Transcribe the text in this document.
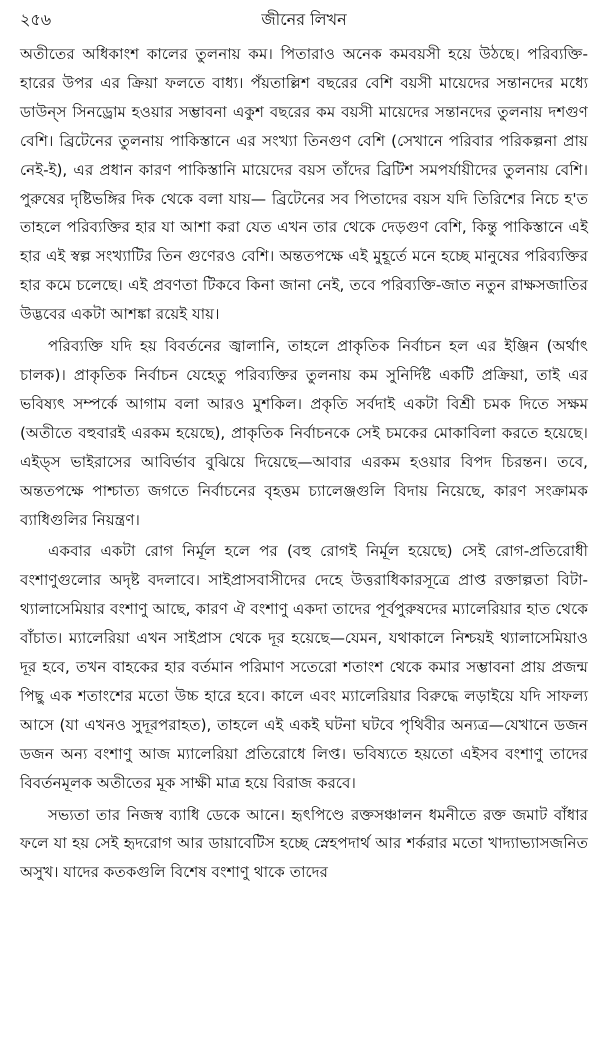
২৫৬	জীনের লিখন

অতীতের অধিকাংশ কালের তুলনায় কম। পিতারাও অনেক কমবয়সী হয়ে উঠছে। পরিব্যক্তি-হারের উপর এর ক্রিয়া ফলতে বাধ্য। পঁয়তাল্লিশ বছরের বেশি বয়সী মায়েদের সন্তানদের মধ্যে ডাউন্‌স সিনড্রোম হওয়ার সম্ভাবনা একুশ বছরের কম বয়সী মায়েদের সন্তানদের তুলনায় দশগুণ বেশি। ব্রিটেনের তুলনায় পাকিস্তানে এর সংখ্যা তিনগুণ বেশি (সেখানে পরিবার পরিকল্পনা প্রায় নেই-ই), এর প্রধান কারণ পাকিস্তানি মায়েদের বয়স তাঁদের ব্রিটিশ সমপর্যায়ীদের তুলনায় বেশি। পুরুষের দৃষ্টিভঙ্গির দিক থেকে বলা যায়— ব্রিটেনের সব পিতাদের বয়স যদি তিরিশের নিচে হ'ত তাহলে পরিব্যক্তির হার যা আশা করা যেত এখন তার থেকে দেড়গুণ বেশি, কিন্তু পাকিস্তানে এই হার এই স্বল্প সংখ্যাটির তিন গুণেরও বেশি। অন্ততপক্ষে এই মুহূর্তে মনে হচ্ছে মানুষের পরিব্যক্তির হার কমে চলেছে। এই প্রবণতা টিকবে কিনা জানা নেই, তবে পরিব্যক্তি-জাত নতুন রাক্ষসজাতির উদ্ভবের একটা আশঙ্কা রয়েই যায়।

পরিব্যক্তি যদি হয় বিবর্তনের জ্বালানি, তাহলে প্রাকৃতিক নির্বাচন হল এর ইঞ্জিন (অর্থাৎ চালক)। প্রাকৃতিক নির্বাচন যেহেতু পরিব্যক্তির তুলনায় কম সুনির্দিষ্ট একটি প্রক্রিয়া, তাই এর ভবিষ্যৎ সম্পর্কে আগাম বলা আরও মুশকিল। প্রকৃতি সর্বদাই একটা বিশ্রী চমক দিতে সক্ষম (অতীতে বহুবারই এরকম হয়েছে), প্রাকৃতিক নির্বাচনকে সেই চমকের মোকাবিলা করতে হয়েছে। এইড্‌স ভাইরাসের আবির্ভাব বুঝিয়ে দিয়েছে—আবার এরকম হওয়ার বিপদ চিরন্তন। তবে, অন্ততপক্ষে পাশ্চাত্য জগতে নির্বাচনের বৃহত্তম চ্যালেঞ্জগুলি বিদায় নিয়েছে, কারণ সংক্রামক ব্যাধিগুলির নিয়ন্ত্রণ।

একবার একটা রোগ নির্মূল হলে পর (বহু রোগই নির্মূল হয়েছে) সেই রোগ-প্রতিরোধী বংশাণুগুলোর অদৃষ্ট বদলাবে। সাইপ্রাসবাসীদের দেহে উত্তরাধিকারসূত্রে প্রাপ্ত রক্তাল্পতা বিটা-থ্যালাসেমিয়ার বংশাণু আছে, কারণ ঐ বংশাণু একদা তাদের পূর্বপুরুষদের ম্যালেরিয়ার হাত থেকে বাঁচাত। ম্যালেরিয়া এখন সাইপ্রাস থেকে দূর হয়েছে—যেমন, যথাকালে নিশ্চয়ই থ্যালাসেমিয়াও দূর হবে, তখন বাহকের হার বর্তমান পরিমাণ সতেরো শতাংশ থেকে কমার সম্ভাবনা প্রায় প্রজন্ম পিছু এক শতাংশের মতো উচ্চ হারে হবে। কালে এবং ম্যালেরিয়ার বিরুদ্ধে লড়াইয়ে যদি সাফল্য আসে (যা এখনও সুদূরপরাহত), তাহলে এই একই ঘটনা ঘটবে পৃথিবীর অন্যত্র—যেখানে ডজন ডজন অন্য বংশাণু আজ ম্যালেরিয়া প্রতিরোধে লিপ্ত। ভবিষ্যতে হয়তো এইসব বংশাণু তাদের বিবর্তনমূলক অতীতের মূক সাক্ষী মাত্র হয়ে বিরাজ করবে।

সভ্যতা তার নিজস্ব ব্যাধি ডেকে আনে। হৃৎপিণ্ডে রক্তসঞ্চালন ধমনীতে রক্ত জমাট বাঁধার ফলে যা হয় সেই হৃদরোগ আর ডায়াবেটিস হচ্ছে স্নেহপদার্থ আর শর্করার মতো খাদ্যাভ্যাসজনিত অসুখ। যাদের কতকগুলি বিশেষ বংশাণু থাকে তাদের
